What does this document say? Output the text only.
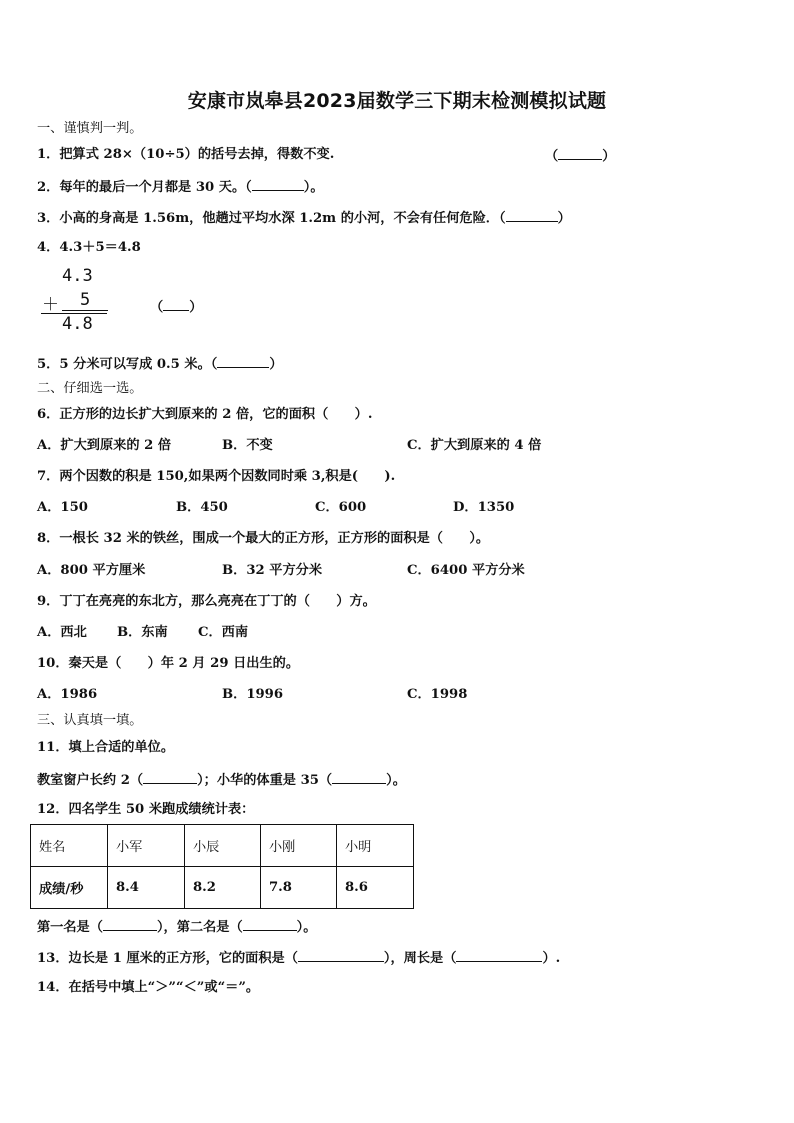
安康市岚皋县2023届数学三下期末检测模拟试题
一、谨慎判一判。
1．把算式 28×（10÷5）的括号去掉，得数不变.	（	）
2．每年的最后一个月都是 30 天。（	）。
3．小高的身高是 1.56m，他趟过平均水深 1.2m 的小河，不会有任何危险．（	）
4．4.3＋5＝4.8
4.3
＋ 5
4.8
（ ）
5．5 分米可以写成 0.5 米。（	）
二、仔细选一选。
6．正方形的边长扩大到原来的 2 倍，它的面积（　　）.
A．扩大到原来的 2 倍	B．不变	C．扩大到原来的 4 倍
7．两个因数的积是 150,如果两个因数同时乘 3,积是(　　).
A．150	B．450	C．600	D．1350
8．一根长 32 米的铁丝，围成一个最大的正方形，正方形的面积是（　　）。
A．800 平方厘米	B．32 平方分米	C．6400 平方分米
9．丁丁在亮亮的东北方，那么亮亮在丁丁的（　　）方。
A．西北 B．东南 C．西南
10．秦天是（　　）年 2 月 29 日出生的。
A．1986	B．1996	C．1998
三、认真填一填。
11．填上合适的单位。
教室窗户长约 2（	）；小华的体重是 35（	）。
12．四名学生 50 米跑成绩统计表：
姓名	小军	小辰	小刚	小明
成绩/秒	8.4	8.2	7.8	8.6
第一名是（	），第二名是（	）。
13．边长是 1 厘米的正方形，它的面积是（	），周长是（	）.
14．在括号中填上“＞”“＜”或“＝”。
